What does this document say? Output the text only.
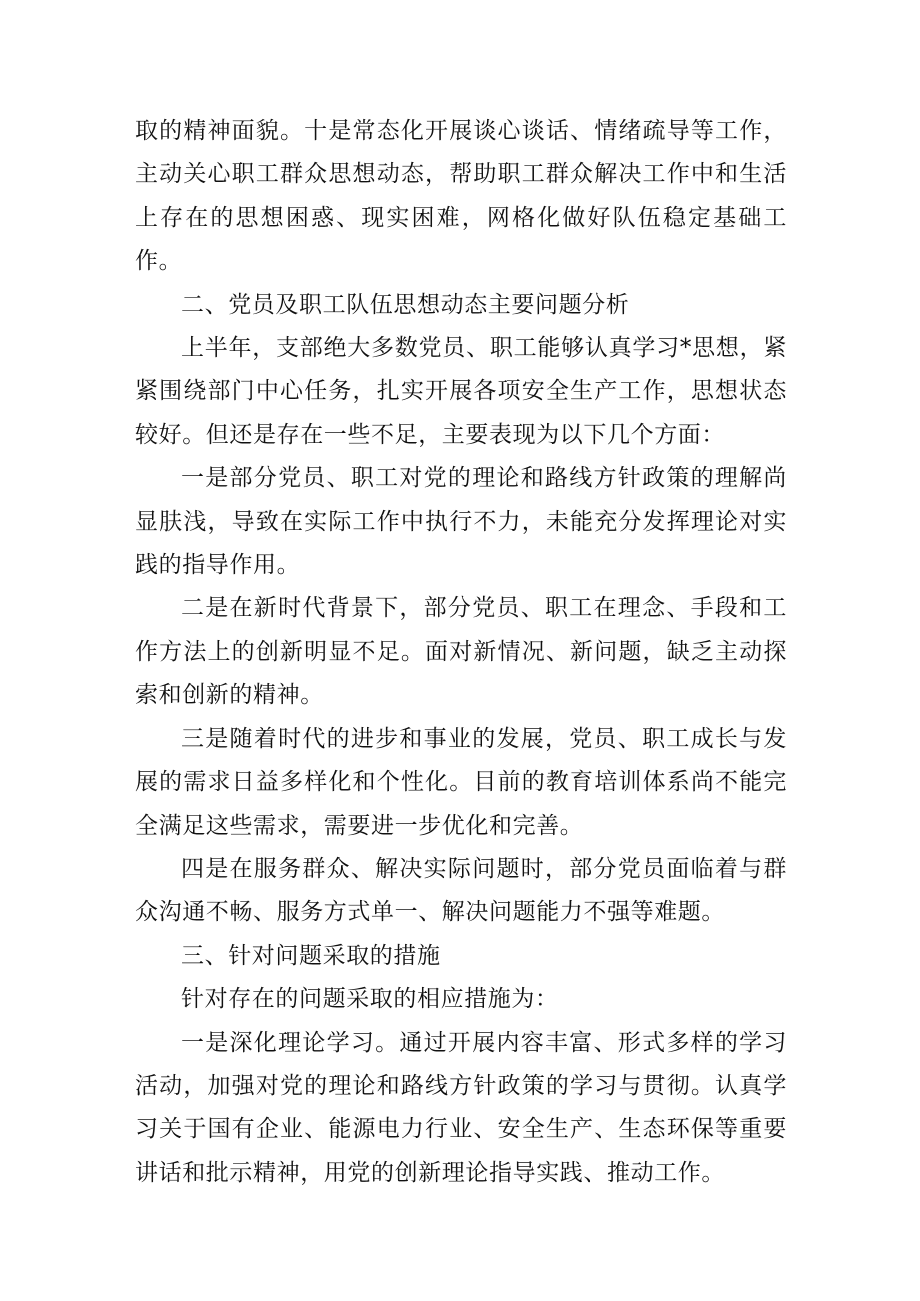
取的精神面貌。十是常态化开展谈心谈话、情绪疏导等工作，主动关心职工群众思想动态，帮助职工群众解决工作中和生活上存在的思想困惑、现实困难，网格化做好队伍稳定基础工作。

二、党员及职工队伍思想动态主要问题分析

上半年，支部绝大多数党员、职工能够认真学习*思想，紧紧围绕部门中心任务，扎实开展各项安全生产工作，思想状态较好。但还是存在一些不足，主要表现为以下几个方面：

一是部分党员、职工对党的理论和路线方针政策的理解尚显肤浅，导致在实际工作中执行不力，未能充分发挥理论对实践的指导作用。

二是在新时代背景下，部分党员、职工在理念、手段和工作方法上的创新明显不足。面对新情况、新问题，缺乏主动探索和创新的精神。

三是随着时代的进步和事业的发展，党员、职工成长与发展的需求日益多样化和个性化。目前的教育培训体系尚不能完全满足这些需求，需要进一步优化和完善。

四是在服务群众、解决实际问题时，部分党员面临着与群众沟通不畅、服务方式单一、解决问题能力不强等难题。

三、针对问题采取的措施

针对存在的问题采取的相应措施为：

一是深化理论学习。通过开展内容丰富、形式多样的学习活动，加强对党的理论和路线方针政策的学习与贯彻。认真学习关于国有企业、能源电力行业、安全生产、生态环保等重要讲话和批示精神，用党的创新理论指导实践、推动工作。
